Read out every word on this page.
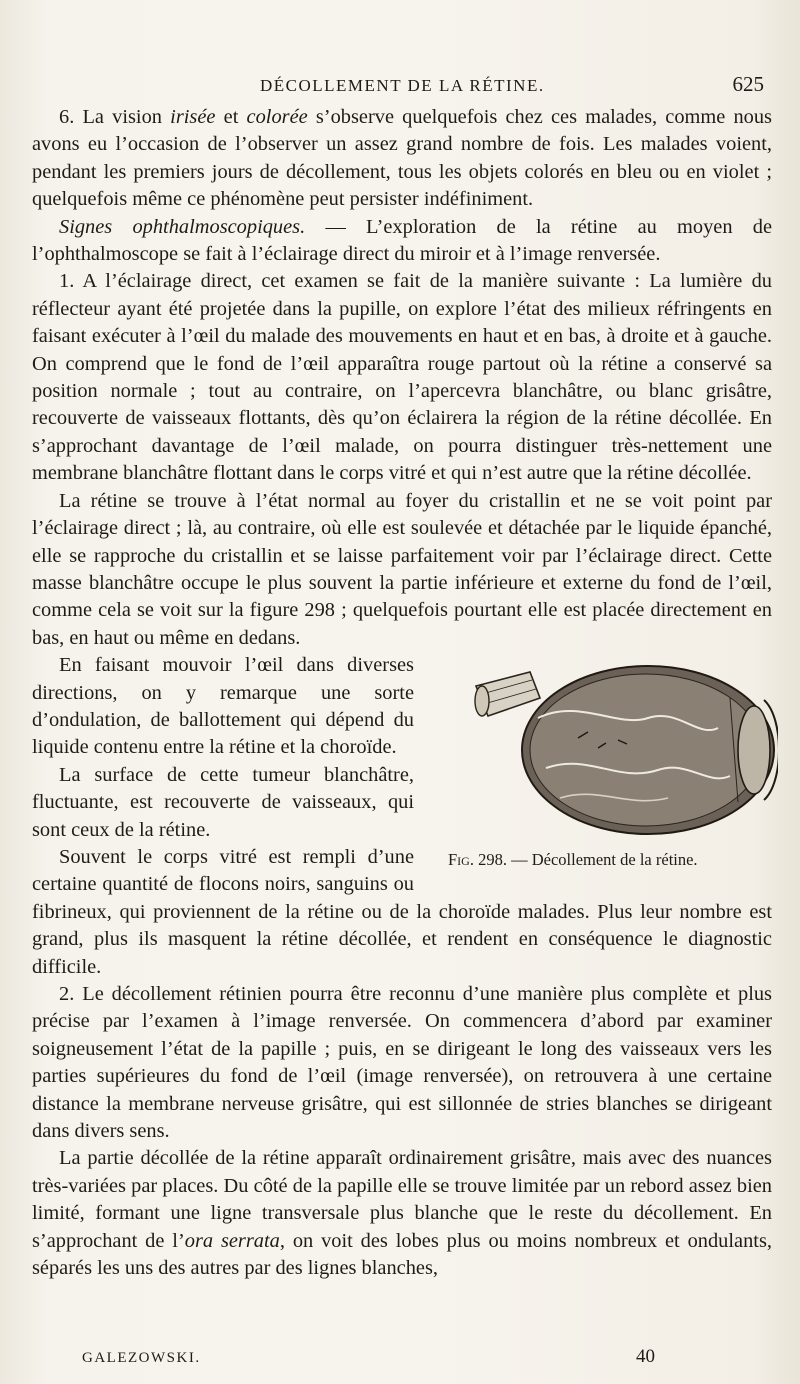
DÉCOLLEMENT DE LA RÉTINE.	625

6. La vision irisée et colorée s’observe quelquefois chez ces malades, comme nous avons eu l’occasion de l’observer un assez grand nombre de fois. Les malades voient, pendant les premiers jours de décollement, tous les objets colorés en bleu ou en violet ; quelquefois même ce phénomène peut persister indéfiniment.

Signes ophthalmoscopiques. — L’exploration de la rétine au moyen de l’ophthalmoscope se fait à l’éclairage direct du miroir et à l’image renversée.

1. A l’éclairage direct, cet examen se fait de la manière suivante : La lumière du réflecteur ayant été projetée dans la pupille, on explore l’état des milieux réfringents en faisant exécuter à l’œil du malade des mouvements en haut et en bas, à droite et à gauche. On comprend que le fond de l’œil apparaîtra rouge partout où la rétine a conservé sa position normale ; tout au contraire, on l’apercevra blanchâtre, ou blanc grisâtre, recouverte de vaisseaux flottants, dès qu’on éclairera la région de la rétine décollée. En s’approchant davantage de l’œil malade, on pourra distinguer très-nettement une membrane blanchâtre flottant dans le corps vitré et qui n’est autre que la rétine décollée.

La rétine se trouve à l’état normal au foyer du cristallin et ne se voit point par l’éclairage direct ; là, au contraire, où elle est soulevée et détachée par le liquide épanché, elle se rapproche du cristallin et se laisse parfaitement voir par l’éclairage direct. Cette masse blanchâtre occupe le plus souvent la partie inférieure et externe du fond de l’œil, comme cela se voit sur la figure 298 ; quelquefois pourtant elle est placée directement en bas, en haut ou même en dedans.

Fig. 298. — Décollement de la rétine.

En faisant mouvoir l’œil dans diverses directions, on y remarque une sorte d’ondulation, de ballottement qui dépend du liquide contenu entre la rétine et la choroïde.

La surface de cette tumeur blanchâtre, fluctuante, est recouverte de vaisseaux, qui sont ceux de la rétine.

Souvent le corps vitré est rempli d’une certaine quantité de flocons noirs, sanguins ou fibrineux, qui proviennent de la rétine ou de la choroïde malades. Plus leur nombre est grand, plus ils masquent la rétine décollée, et rendent en conséquence le diagnostic difficile.

2. Le décollement rétinien pourra être reconnu d’une manière plus complète et plus précise par l’examen à l’image renversée. On commencera d’abord par examiner soigneusement l’état de la papille ; puis, en se dirigeant le long des vaisseaux vers les parties supérieures du fond de l’œil (image renversée), on retrouvera à une certaine distance la membrane nerveuse grisâtre, qui est sillonnée de stries blanches se dirigeant dans divers sens.

La partie décollée de la rétine apparaît ordinairement grisâtre, mais avec des nuances très-variées par places. Du côté de la papille elle se trouve limitée par un rebord assez bien limité, formant une ligne transversale plus blanche que le reste du décollement. En s’approchant de l’ora serrata, on voit des lobes plus ou moins nombreux et ondulants, séparés les uns des autres par des lignes blanches,

GALEZOWSKI.	40
